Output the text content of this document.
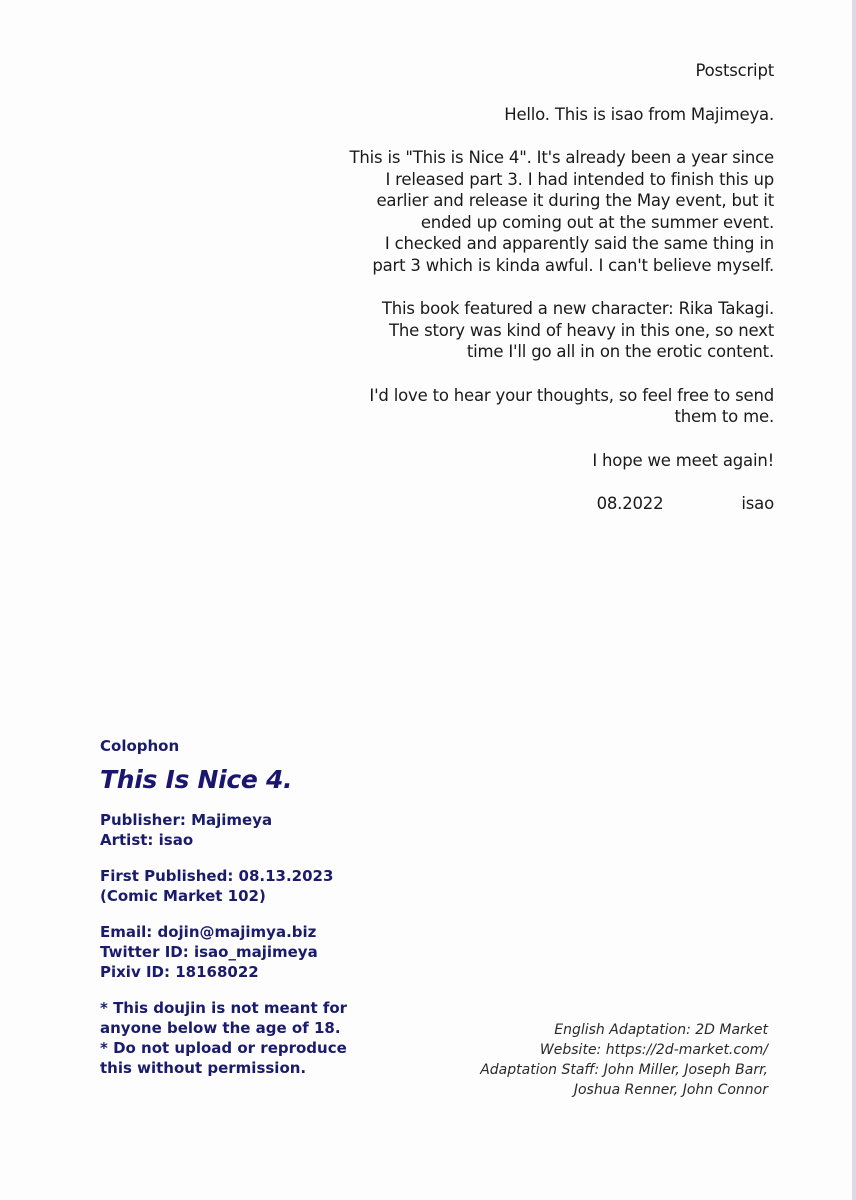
Postscript

Hello. This is isao from Majimeya.

This is "This is Nice 4". It's already been a year since
I released part 3. I had intended to finish this up
earlier and release it during the May event, but it
ended up coming out at the summer event.
I checked and apparently said the same thing in
part 3 which is kinda awful. I can't believe myself.

This book featured a new character: Rika Takagi.
The story was kind of heavy in this one, so next
time I'll go all in on the erotic content.

I'd love to hear your thoughts, so feel free to send
them to me.

I hope we meet again!

08.2022	isao

Colophon

This Is Nice 4.

Publisher: Majimeya
Artist: isao

First Published: 08.13.2023
(Comic Market 102)

Email: dojin@majimya.biz
Twitter ID: isao_majimeya
Pixiv ID: 18168022

* This doujin is not meant for
anyone below the age of 18.
* Do not upload or reproduce
this without permission.

English Adaptation: 2D Market
Website: https://2d-market.com/
Adaptation Staff: John Miller, Joseph Barr,
Joshua Renner, John Connor
